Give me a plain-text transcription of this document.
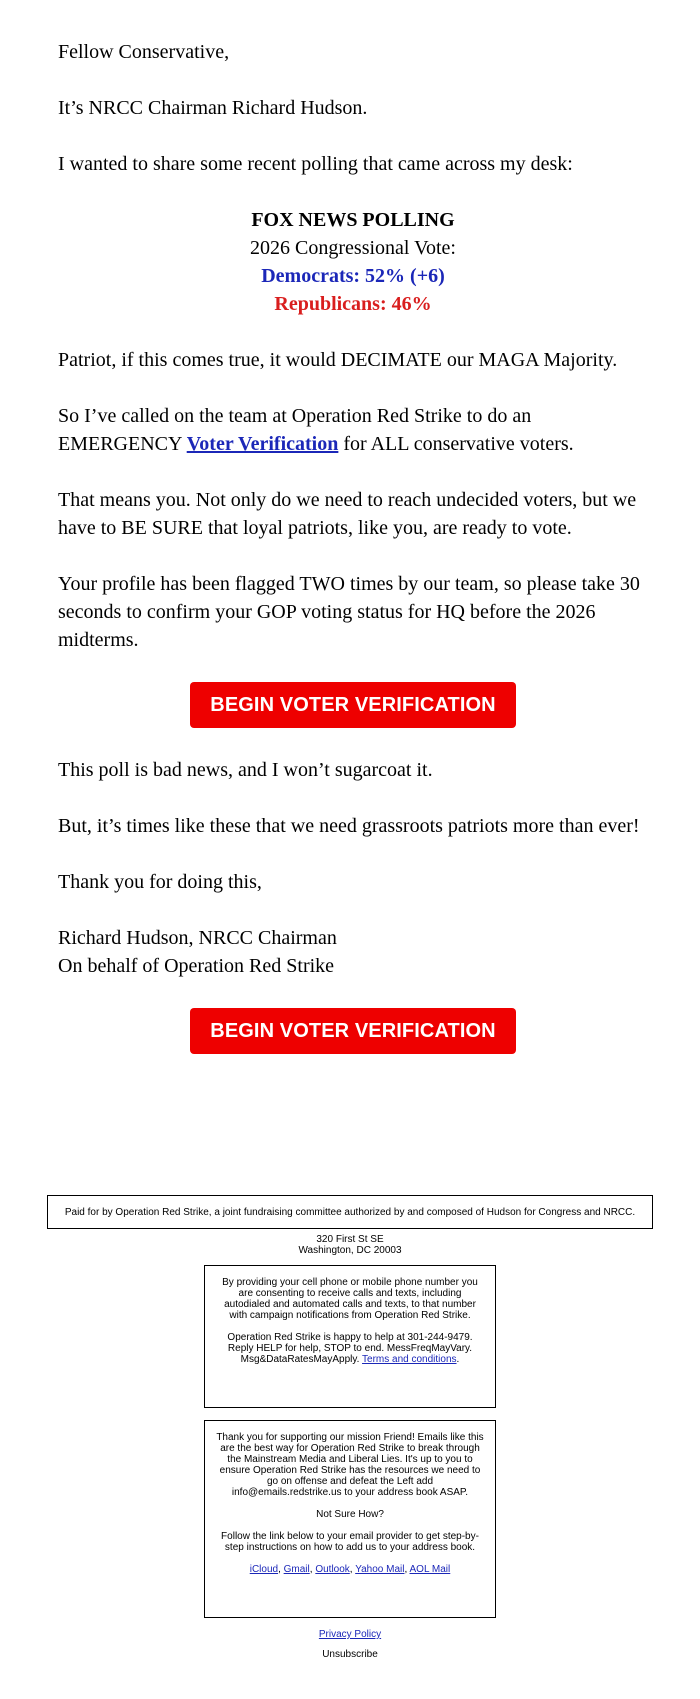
Fellow Conservative,

It’s NRCC Chairman Richard Hudson.

I wanted to share some recent polling that came across my desk:

FOX NEWS POLLING
2026 Congressional Vote:
Democrats: 52% (+6)
Republicans: 46%

Patriot, if this comes true, it would DECIMATE our MAGA Majority.

So I’ve called on the team at Operation Red Strike to do an EMERGENCY Voter Verification for ALL conservative voters.

That means you. Not only do we need to reach undecided voters, but we have to BE SURE that loyal patriots, like you, are ready to vote.

Your profile has been flagged TWO times by our team, so please take 30 seconds to confirm your GOP voting status for HQ before the 2026 midterms.

BEGIN VOTER VERIFICATION

This poll is bad news, and I won’t sugarcoat it.

But, it’s times like these that we need grassroots patriots more than ever!

Thank you for doing this,

Richard Hudson, NRCC Chairman
On behalf of Operation Red Strike

BEGIN VOTER VERIFICATION
Paid for by Operation Red Strike, a joint fundraising committee authorized by and composed of Hudson for Congress and NRCC.
320 First St SE
Washington, DC 20003

By providing your cell phone or mobile phone number you are consenting to receive calls and texts, including autodialed and automated calls and texts, to that number with campaign notifications from Operation Red Strike.

Operation Red Strike is happy to help at 301-244-9479. Reply HELP for help, STOP to end. MessFreqMayVary. Msg&DataRatesMayApply. Terms and conditions.

Thank you for supporting our mission Friend! Emails like this are the best way for Operation Red Strike to break through the Mainstream Media and Liberal Lies. It's up to you to ensure Operation Red Strike has the resources we need to go on offense and defeat the Left add info@emails.redstrike.us to your address book ASAP.

Not Sure How?

Follow the link below to your email provider to get step-by-step instructions on how to add us to your address book.

iCloud, Gmail, Outlook, Yahoo Mail, AOL Mail

Privacy Policy
Unsubscribe
